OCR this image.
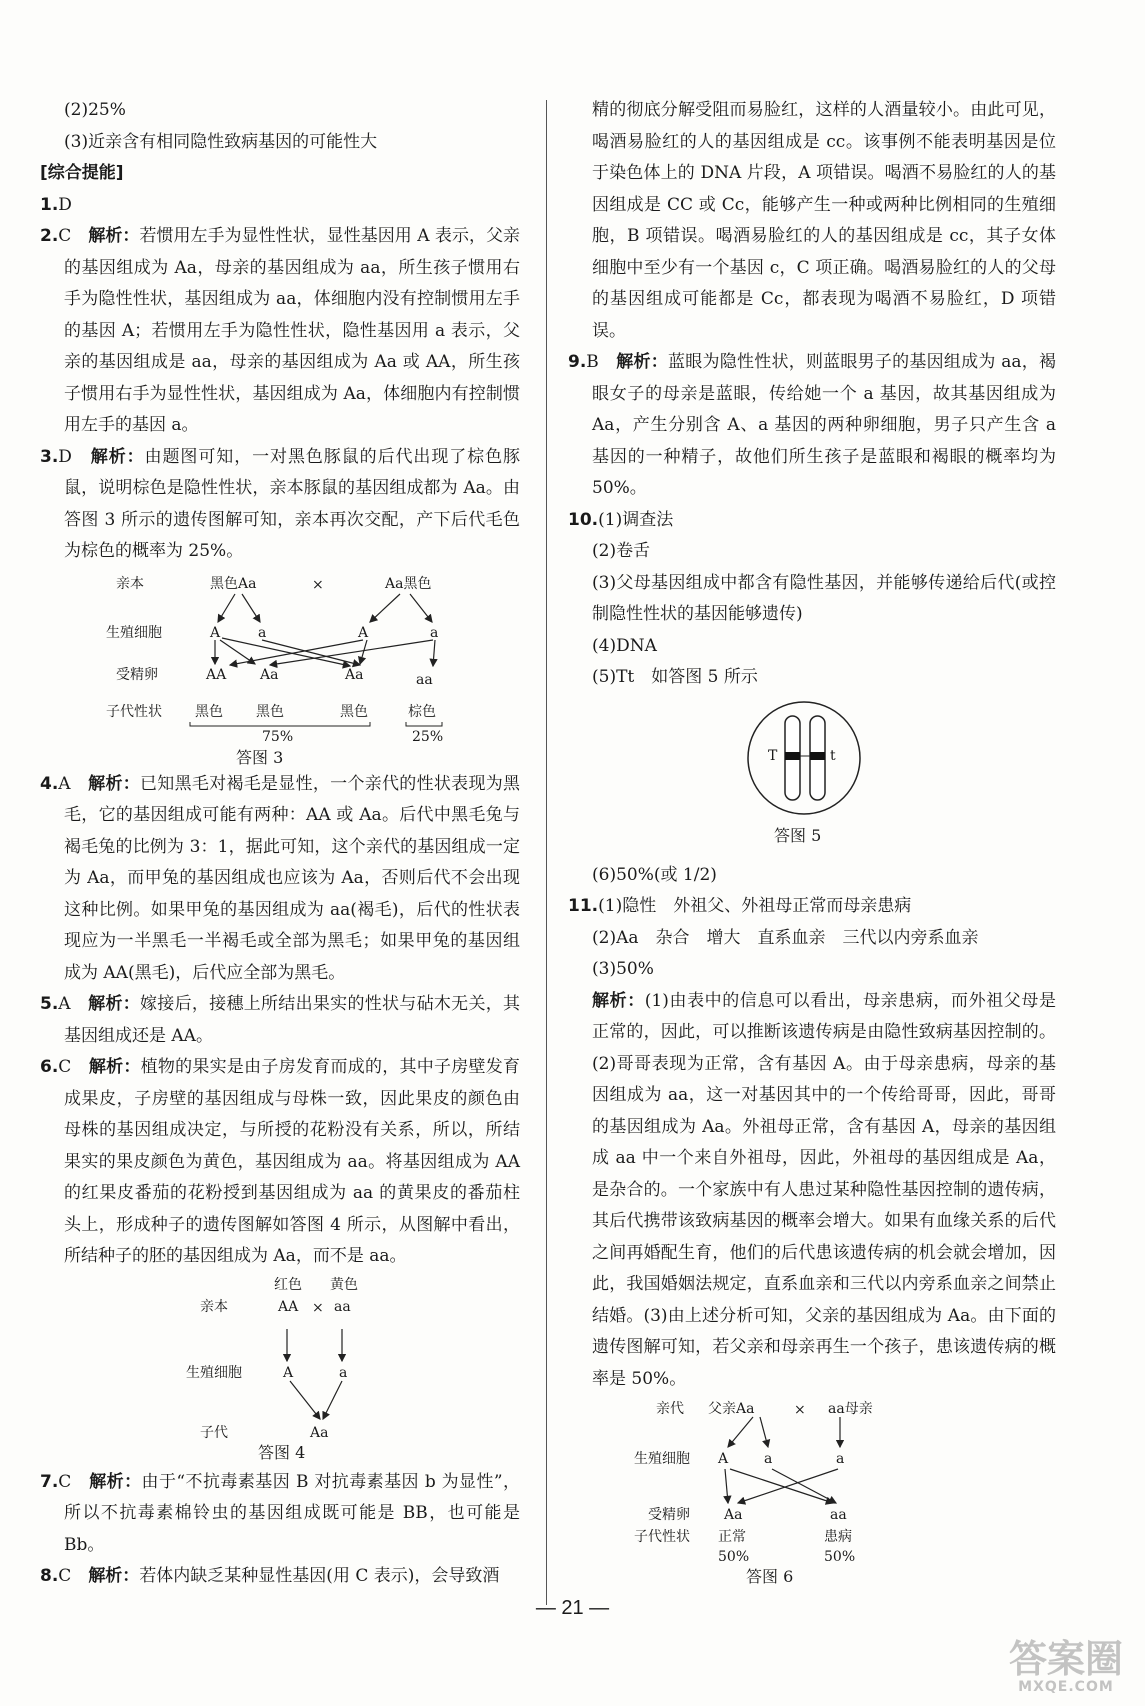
(2)25%

(3)近亲含有相同隐性致病基因的可能性大

[综合提能]

1.D

2.C　 解析：若惯用左手为显性性状，显性基因用 A 表示，父亲的基因组成为 Aa，母亲的基因组成为 aa，所生孩子惯用右手为隐性性状，基因组成为 aa，体细胞内没有控制惯用左手的基因 A；若惯用左手为隐性性状，隐性基因用 a 表示，父亲的基因组成是 aa，母亲的基因组成为 Aa 或 AA，所生孩子惯用右手为显性性状，基因组成为 Aa，体细胞内有控制惯用左手的基因 a。

3.D　 解析：由题图可知，一对黑色豚鼠的后代出现了棕色豚鼠，说明棕色是隐性性状，亲本豚鼠的基因组成都为 Aa。由答图 3 所示的遗传图解可知，亲本再次交配，产下后代毛色为棕色的概率为 25%。

亲本	黑色Aa	×	Aa黑色
生殖细胞	A	a	A	a
受精卵	AA Aa	Aa	aa
子代性状 黑色 黑色	黑色	棕色
75%	25%
答图 3

4.A　 解析：已知黑毛对褐毛是显性，一个亲代的性状表现为黑毛，它的基因组成可能有两种：AA 或 Aa。后代中黑毛兔与褐毛兔的比例为 3：1，据此可知，这个亲代的基因组成一定为 Aa，而甲兔的基因组成也应该为 Aa，否则后代不会出现这种比例。如果甲兔的基因组成为 aa(褐毛)，后代的性状表现应为一半黑毛一半褐毛或全部为黑毛；如果甲兔的基因组成为 AA(黑毛)，后代应全部为黑毛。

5.A　 解析：嫁接后，接穗上所结出果实的性状与砧木无关，其基因组成还是 AA。

6.C　 解析：植物的果实是由子房发育而成的，其中子房壁发育成果皮，子房壁的基因组成与母株一致，因此果皮的颜色由母株的基因组成决定，与所授的花粉没有关系，所以，所结果实的果皮颜色为黄色，基因组成为 aa。将基因组成为 AA 的红果皮番茄的花粉授到基因组成为 aa 的黄果皮的番茄柱头上，形成种子的遗传图解如答图 4 所示，从图解中看出，所结种子的胚的基因组成为 Aa，而不是 aa。

红色 黄色
亲本	AA × aa
生殖细胞	A	a
子代	Aa
答图 4

7.C　 解析：由于“不抗毒素基因 B 对抗毒素基因 b 为显性”，所以不抗毒素棉铃虫的基因组成既可能是 BB，也可能是 Bb。

8.C　 解析：若体内缺乏某种显性基因(用 C 表示)，会导致酒

精的彻底分解受阻而易脸红，这样的人酒量较小。由此可见，喝酒易脸红的人的基因组成是 cc。该事例不能表明基因是位于染色体上的 DNA 片段，A 项错误。喝酒不易脸红的人的基因组成是 CC 或 Cc，能够产生一种或两种比例相同的生殖细胞，B 项错误。喝酒易脸红的人的基因组成是 cc，其子女体细胞中至少有一个基因 c，C 项正确。喝酒易脸红的人的父母的基因组成可能都是 Cc，都表现为喝酒不易脸红，D 项错误。

9.B　 解析：蓝眼为隐性性状，则蓝眼男子的基因组成为 aa，褐眼女子的母亲是蓝眼，传给她一个 a 基因，故其基因组成为 Aa，产生分别含 A、a 基因的两种卵细胞，男子只产生含 a 基因的一种精子，故他们所生孩子是蓝眼和褐眼的概率均为 50%。

10.(1)调查法

(2)卷舌

(3)父母基因组成中都含有隐性基因，并能够传递给后代(或控制隐性性状的基因能够遗传)

(4)DNA

(5)Tt　如答图 5 所示

T	t
答图 5

(6)50%(或 1/2)

11.(1)隐性　外祖父、外祖母正常而母亲患病

(2)Aa　杂合　增大　直系血亲　三代以内旁系血亲

(3)50%

解析：(1)由表中的信息可以看出，母亲患病，而外祖父母是正常的，因此，可以推断该遗传病是由隐性致病基因控制的。(2)哥哥表现为正常，含有基因 A。由于母亲患病，母亲的基因组成为 aa，这一对基因其中的一个传给哥哥，因此，哥哥的基因组成为 Aa。外祖母正常，含有基因 A，母亲的基因组成 aa 中一个来自外祖母，因此，外祖母的基因组成是 Aa，是杂合的。一个家族中有人患过某种隐性基因控制的遗传病，其后代携带该致病基因的概率会增大。如果有血缘关系的后代之间再婚配生育，他们的后代患该遗传病的机会就会增加，因此，我国婚姻法规定，直系血亲和三代以内旁系血亲之间禁止结婚。(3)由上述分析可知，父亲的基因组成为 Aa。由下面的遗传图解可知，若父亲和母亲再生一个孩子，患该遗传病的概率是 50%。

亲代 父亲Aa	× aa母亲
生殖细胞 A	a	a
受精卵 Aa	aa
子代性状 正常	患病
50%	50%
答图 6
— 21 —
答案圈
MXQE.COM
